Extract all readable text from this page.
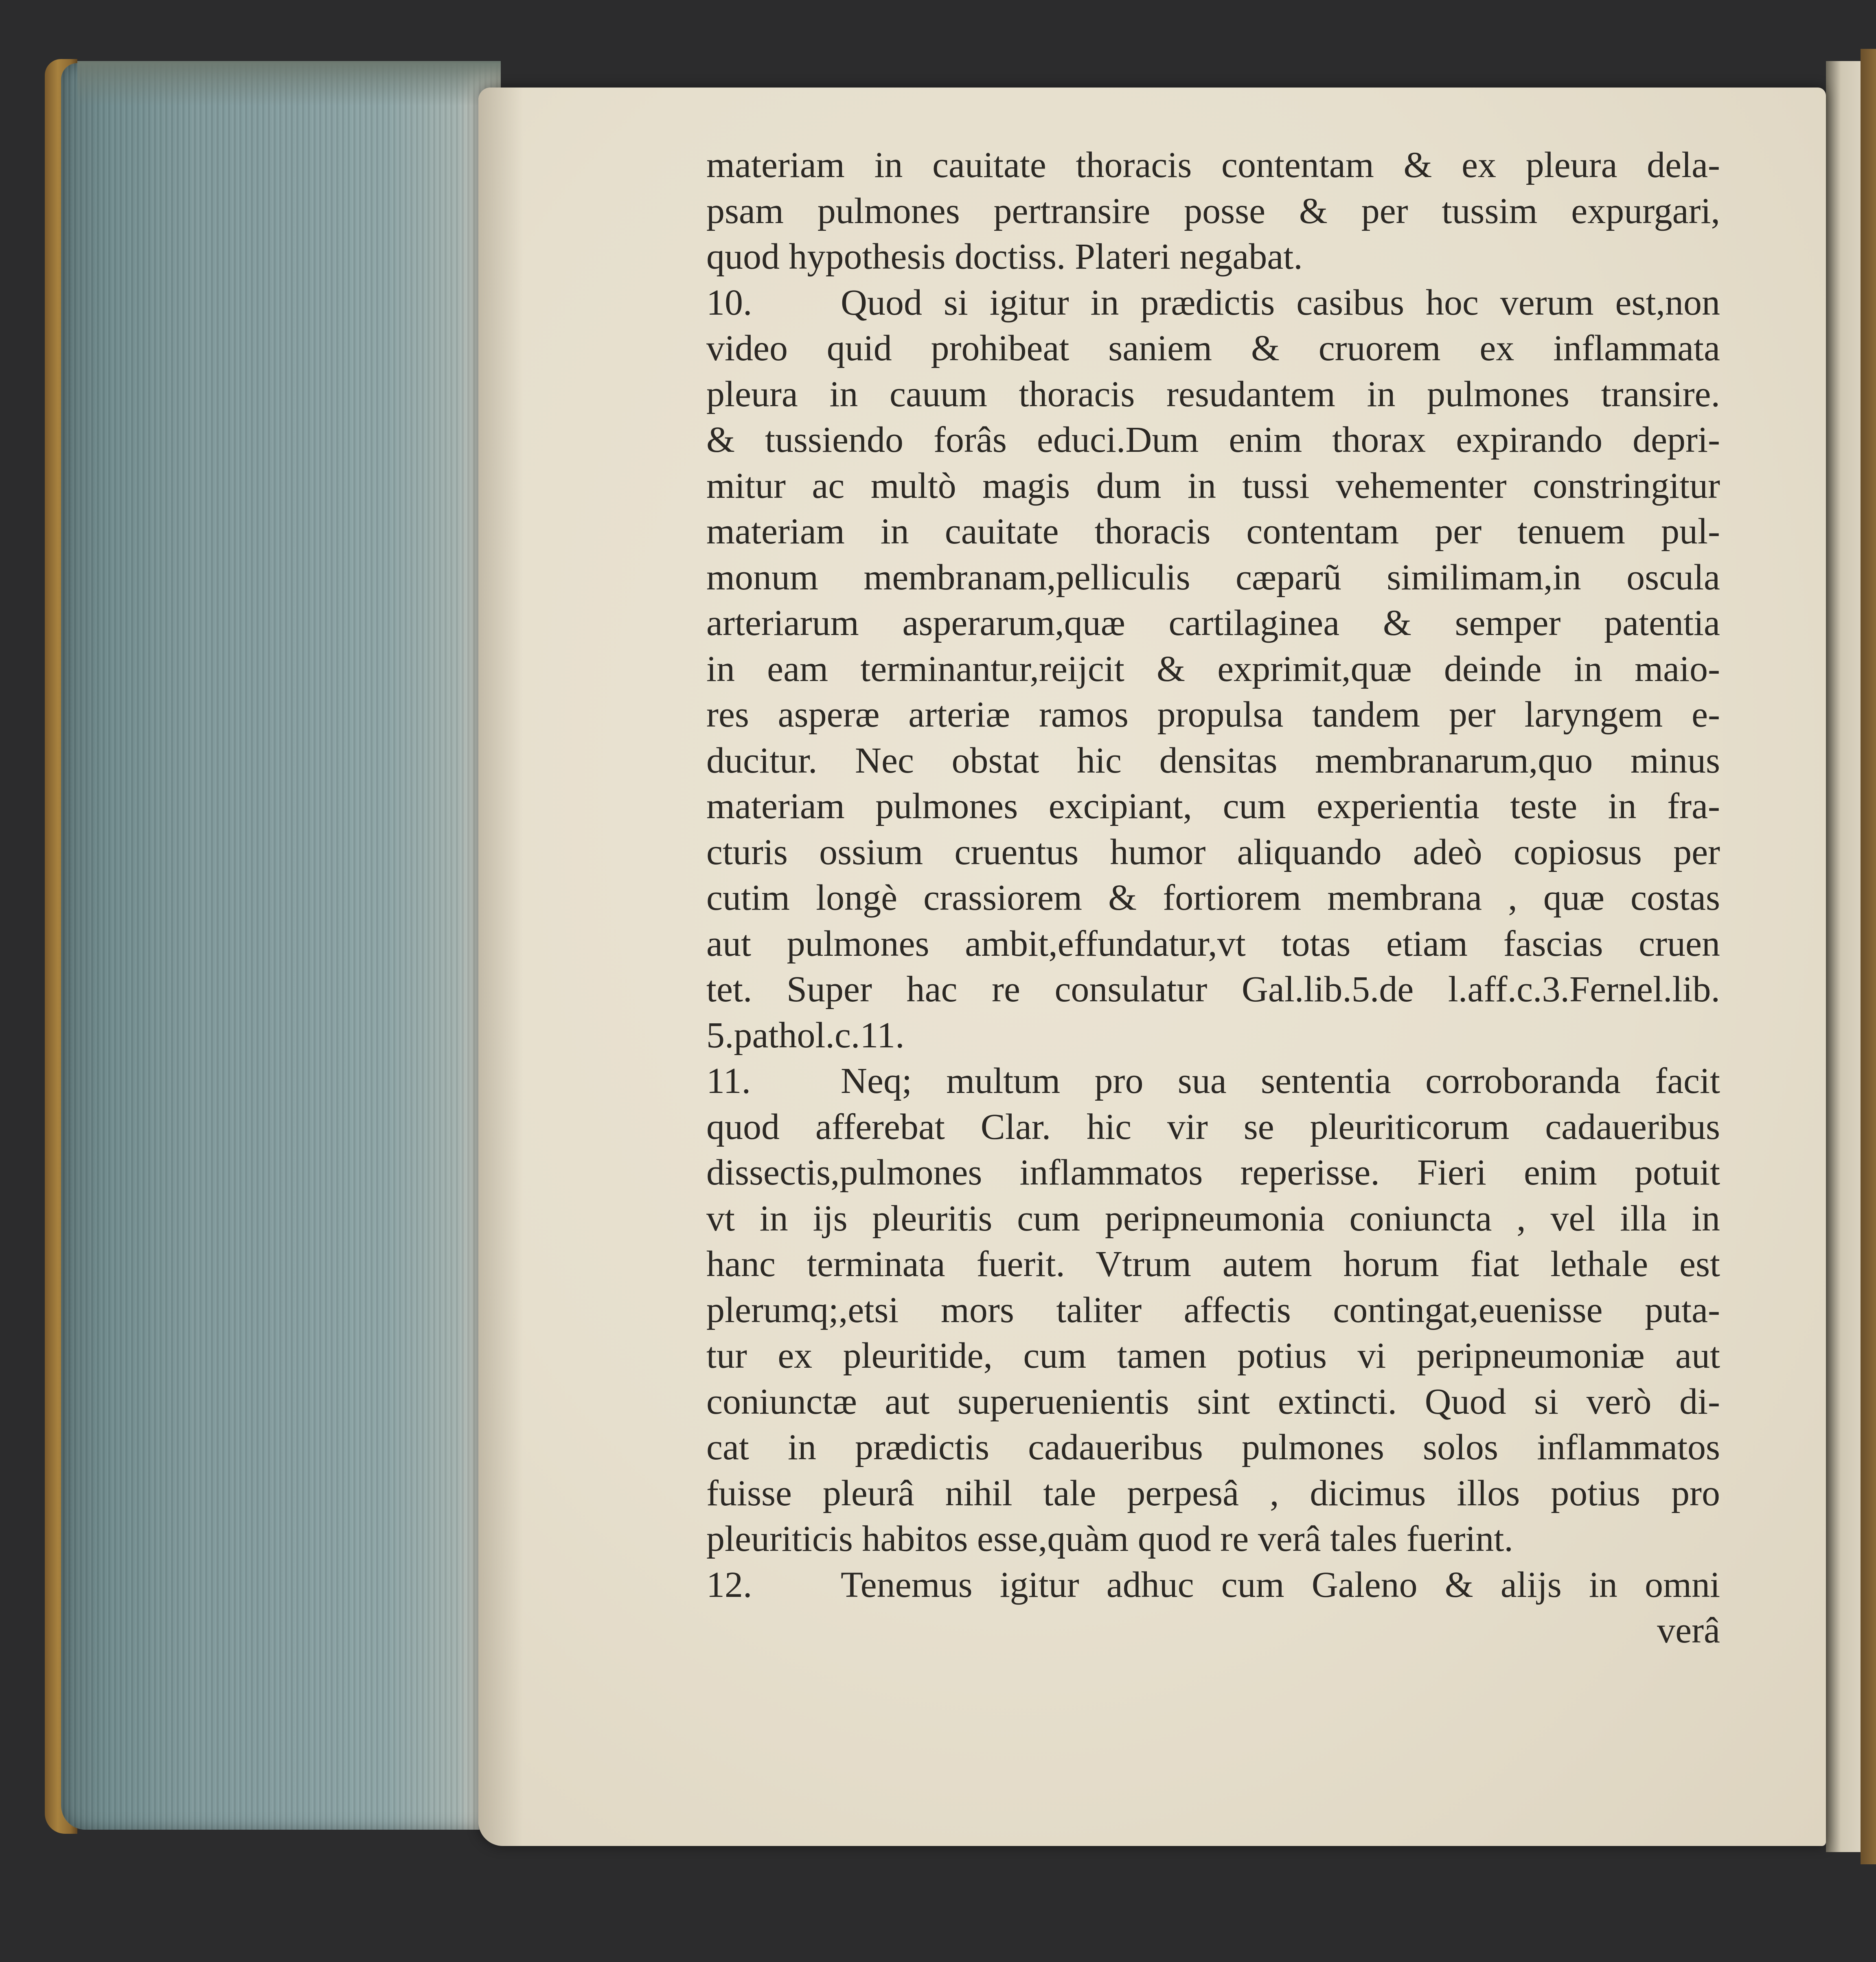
materiam in cauitate thoracis contentam & ex pleura dela-
psam pulmones pertransire posse & per tussim expurgari,
quod hypothesis doctiss. Plateri negabat.
10.	Quod si igitur in prædictis casibus hoc verum est,non
video quid prohibeat saniem & cruorem ex inflammata
pleura in cauum thoracis resudantem in pulmones transire.
& tussiendo forâs educi.Dum enim thorax expirando depri-
mitur ac multò magis dum in tussi vehementer constringitur
materiam in cauitate thoracis contentam per tenuem pul-
monum membranam,pelliculis cæparũ similimam,in oscula
arteriarum asperarum,quæ cartilaginea & semper patentia
in eam terminantur,reijcit & exprimit,quæ deinde in maio-
res asperæ arteriæ ramos propulsa tandem per laryngem e-
ducitur. Nec obstat hic densitas membranarum,quo minus
materiam pulmones excipiant, cum experientia teste in fra-
cturis ossium cruentus humor aliquando adeò copiosus per
cutim longè crassiorem & fortiorem membrana , quæ costas
aut pulmones ambit,effundatur,vt totas etiam fascias cruen
tet. Super hac re consulatur Gal.lib.5.de l.aff.c.3.Fernel.lib.
5.pathol.c.11.
11.	Neq; multum pro sua sententia corroboranda facit
quod afferebat Clar. hic vir se pleuriticorum cadaueribus
dissectis,pulmones inflammatos reperisse. Fieri enim potuit
vt in ijs pleuritis cum peripneumonia coniuncta , vel illa in
hanc terminata fuerit. Vtrum autem horum fiat lethale est
plerumq;,etsi mors taliter affectis contingat,euenisse puta-
tur ex pleuritide, cum tamen potius vi peripneumoniæ aut
coniunctæ aut superuenientis sint extincti. Quod si verò di-
cat in prædictis cadaueribus pulmones solos inflammatos
fuisse pleurâ nihil tale perpesâ , dicimus illos potius pro
pleuriticis habitos esse,quàm quod re verâ tales fuerint.
12.	Tenemus igitur adhuc cum Galeno & alijs in omni
verâ
